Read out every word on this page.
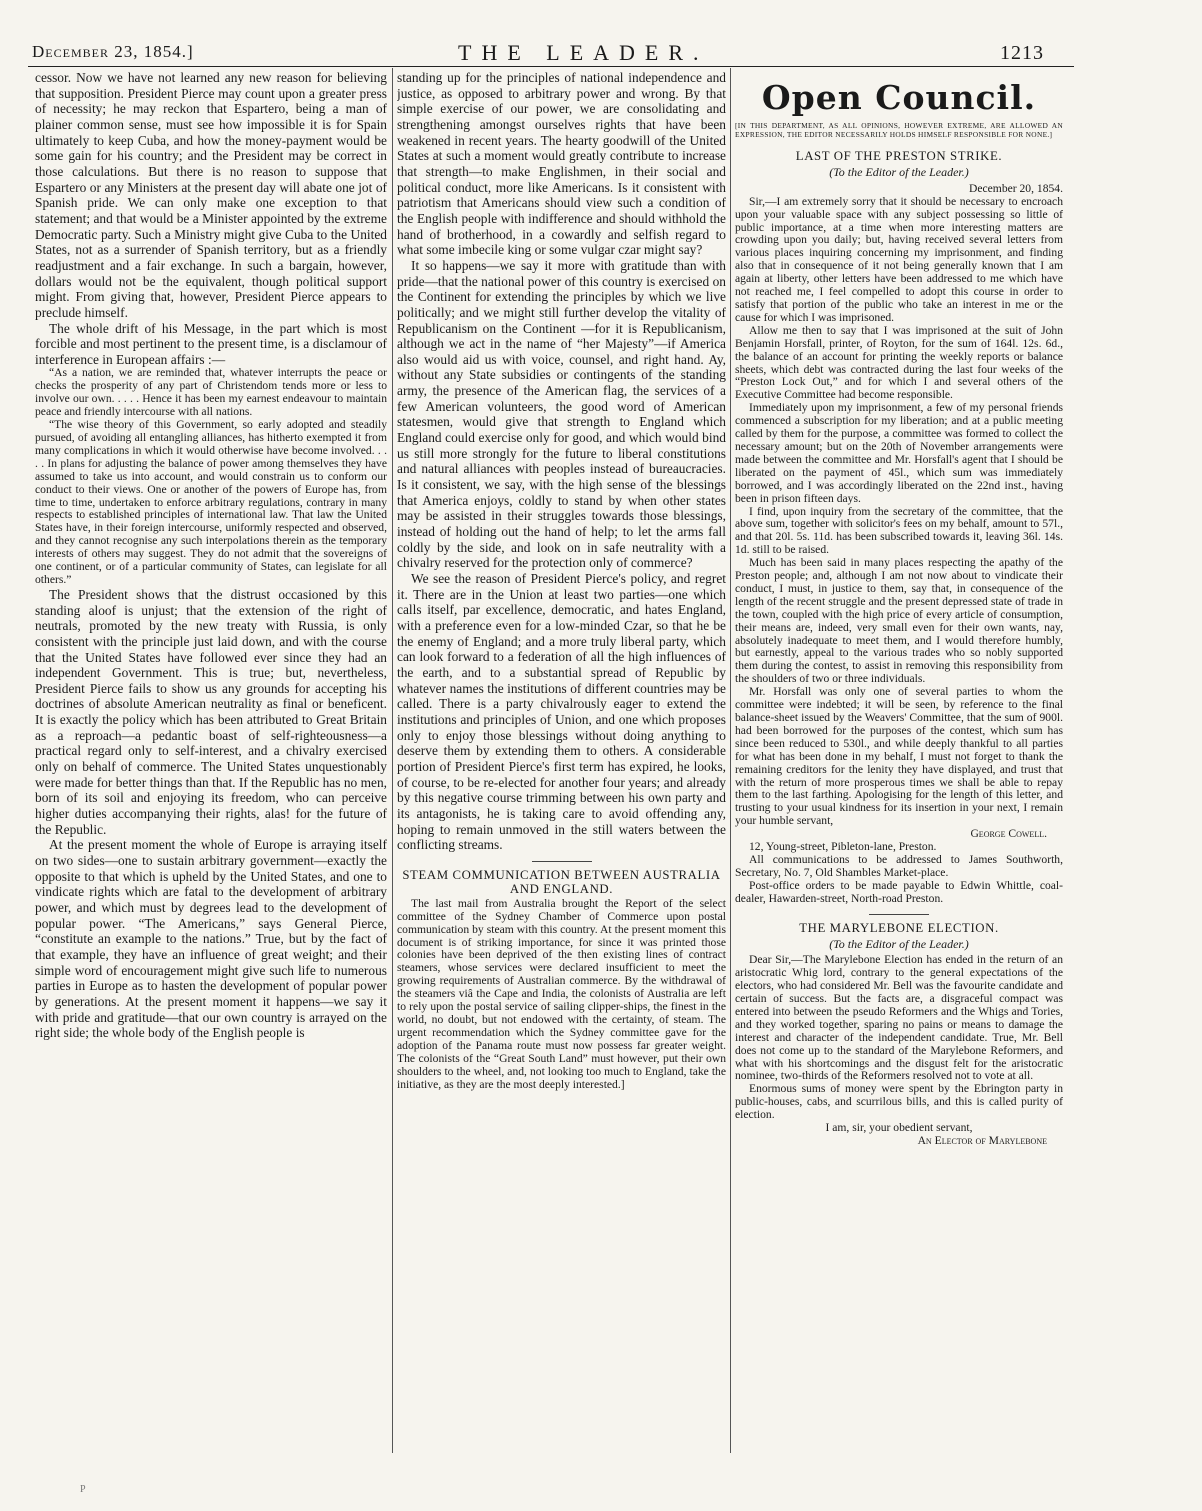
December 23, 1854.]	THE LEADER.	1213

cessor. Now we have not learned any new reason for believing that supposition. President Pierce may count upon a greater press of necessity; he may reckon that Espartero, being a man of plainer common sense, must see how impossible it is for Spain ultimately to keep Cuba, and how the money-payment would be some gain for his country; and the President may be correct in those calculations. But there is no reason to suppose that Espartero or any Ministers at the present day will abate one jot of Spanish pride. We can only make one exception to that statement; and that would be a Minister appointed by the extreme Democratic party. Such a Ministry might give Cuba to the United States, not as a surrender of Spanish territory, but as a friendly readjustment and a fair exchange. In such a bargain, however, dollars would not be the equivalent, though political support might. From giving that, however, President Pierce appears to preclude himself.

The whole drift of his Message, in the part which is most forcible and most pertinent to the present time, is a disclamour of interference in European affairs :—

“As a nation, we are reminded that, whatever interrupts the peace or checks the prosperity of any part of Christendom tends more or less to involve our own. . . . . Hence it has been my earnest endeavour to maintain peace and friendly intercourse with all nations.

“The wise theory of this Government, so early adopted and steadily pursued, of avoiding all entangling alliances, has hitherto exempted it from many complications in which it would otherwise have become involved. . . . . In plans for adjusting the balance of power among themselves they have assumed to take us into account, and would constrain us to conform our conduct to their views. One or another of the powers of Europe has, from time to time, undertaken to enforce arbitrary regulations, contrary in many respects to established principles of international law. That law the United States have, in their foreign intercourse, uniformly respected and observed, and they cannot recognise any such interpolations therein as the temporary interests of others may suggest. They do not admit that the sovereigns of one continent, or of a particular community of States, can legislate for all others.”

The President shows that the distrust occasioned by this standing aloof is unjust; that the extension of the right of neutrals, promoted by the new treaty with Russia, is only consistent with the principle just laid down, and with the course that the United States have followed ever since they had an independent Government. This is true; but, nevertheless, President Pierce fails to show us any grounds for accepting his doctrines of absolute American neutrality as final or beneficent. It is exactly the policy which has been attributed to Great Britain as a reproach—a pedantic boast of self-righteousness—a practical regard only to self-interest, and a chivalry exercised only on behalf of commerce. The United States unquestionably were made for better things than that. If the Republic has no men, born of its soil and enjoying its freedom, who can perceive higher duties accompanying their rights, alas! for the future of the Republic.

At the present moment the whole of Europe is arraying itself on two sides—one to sustain arbitrary government—exactly the opposite to that which is upheld by the United States, and one to vindicate rights which are fatal to the development of arbitrary power, and which must by degrees lead to the development of popular power. “The Americans,” says General Pierce, “constitute an example to the nations.” True, but by the fact of that example, they have an influence of great weight; and their simple word of encouragement might give such life to numerous parties in Europe as to hasten the development of popular power by generations. At the present moment it happens—we say it with pride and gratitude—that our own country is arrayed on the right side; the whole body of the English people is

standing up for the principles of national independence and justice, as opposed to arbitrary power and wrong. By that simple exercise of our power, we are consolidating and strengthening amongst ourselves rights that have been weakened in recent years. The hearty goodwill of the United States at such a moment would greatly contribute to increase that strength—to make Englishmen, in their social and political conduct, more like Americans. Is it consistent with patriotism that Americans should view such a condition of the English people with indifference and should withhold the hand of brotherhood, in a cowardly and selfish regard to what some imbecile king or some vulgar czar might say?

It so happens—we say it more with gratitude than with pride—that the national power of this country is exercised on the Continent for extending the principles by which we live politically; and we might still further develop the vitality of Republicanism on the Continent —for it is Republicanism, although we act in the name of “her Majesty”—if America also would aid us with voice, counsel, and right hand. Ay, without any State subsidies or contingents of the standing army, the presence of the American flag, the services of a few American volunteers, the good word of American statesmen, would give that strength to England which England could exercise only for good, and which would bind us still more strongly for the future to liberal constitutions and natural alliances with peoples instead of bureaucracies. Is it consistent, we say, with the high sense of the blessings that America enjoys, coldly to stand by when other states may be assisted in their struggles towards those blessings, instead of holding out the hand of help; to let the arms fall coldly by the side, and look on in safe neutrality with a chivalry reserved for the protection only of commerce?

We see the reason of President Pierce's policy, and regret it. There are in the Union at least two parties—one which calls itself, par excellence, democratic, and hates England, with a preference even for a low-minded Czar, so that he be the enemy of England; and a more truly liberal party, which can look forward to a federation of all the high influences of the earth, and to a substantial spread of Republic by whatever names the institutions of different countries may be called. There is a party chivalrously eager to extend the institutions and principles of Union, and one which proposes only to enjoy those blessings without doing anything to deserve them by extending them to others. A considerable portion of President Pierce's first term has expired, he looks, of course, to be re-elected for another four years; and already by this negative course trimming between his own party and its antagonists, he is taking care to avoid offending any, hoping to remain unmoved in the still waters between the conflicting streams.

STEAM COMMUNICATION BETWEEN AUSTRALIA AND ENGLAND.

The last mail from Australia brought the Report of the select committee of the Sydney Chamber of Commerce upon postal communication by steam with this country. At the present moment this document is of striking importance, for since it was printed those colonies have been deprived of the then existing lines of contract steamers, whose services were declared insufficient to meet the growing requirements of Australian commerce. By the withdrawal of the steamers viâ the Cape and India, the colonists of Australia are left to rely upon the postal service of sailing clipper-ships, the finest in the world, no doubt, but not endowed with the certainty, of steam. The urgent recommendation which the Sydney committee gave for the adoption of the Panama route must now possess far greater weight. The colonists of the “Great South Land” must however, put their own shoulders to the wheel, and, not looking too much to England, take the initiative, as they are the most deeply interested.]

Open Council.
[IN THIS DEPARTMENT, AS ALL OPINIONS, HOWEVER EXTREME, ARE ALLOWED AN EXPRESSION, THE EDITOR NECESSARILY HOLDS HIMSELF RESPONSIBLE FOR NONE.]
LAST OF THE PRESTON STRIKE.
(To the Editor of the Leader.)
December 20, 1854.

Sir,—I am extremely sorry that it should be necessary to encroach upon your valuable space with any subject possessing so little of public importance, at a time when more interesting matters are crowding upon you daily; but, having received several letters from various places inquiring concerning my imprisonment, and finding also that in consequence of it not being generally known that I am again at liberty, other letters have been addressed to me which have not reached me, I feel compelled to adopt this course in order to satisfy that portion of the public who take an interest in me or the cause for which I was imprisoned.

Allow me then to say that I was imprisoned at the suit of John Benjamin Horsfall, printer, of Royton, for the sum of 164l. 12s. 6d., the balance of an account for printing the weekly reports or balance sheets, which debt was contracted during the last four weeks of the “Preston Lock Out,” and for which I and several others of the Executive Committee had become responsible.

Immediately upon my imprisonment, a few of my personal friends commenced a subscription for my liberation; and at a public meeting called by them for the purpose, a committee was formed to collect the necessary amount; but on the 20th of November arrangements were made between the committee and Mr. Horsfall's agent that I should be liberated on the payment of 45l., which sum was immediately borrowed, and I was accordingly liberated on the 22nd inst., having been in prison fifteen days.

I find, upon inquiry from the secretary of the committee, that the above sum, together with solicitor's fees on my behalf, amount to 57l., and that 20l. 5s. 11d. has been subscribed towards it, leaving 36l. 14s. 1d. still to be raised.

Much has been said in many places respecting the apathy of the Preston people; and, although I am not now about to vindicate their conduct, I must, in justice to them, say that, in consequence of the length of the recent struggle and the present depressed state of trade in the town, coupled with the high price of every article of consumption, their means are, indeed, very small even for their own wants, nay, absolutely inadequate to meet them, and I would therefore humbly, but earnestly, appeal to the various trades who so nobly supported them during the contest, to assist in removing this responsibility from the shoulders of two or three individuals.

Mr. Horsfall was only one of several parties to whom the committee were indebted; it will be seen, by reference to the final balance-sheet issued by the Weavers' Committee, that the sum of 900l. had been borrowed for the purposes of the contest, which sum has since been reduced to 530l., and while deeply thankful to all parties for what has been done in my behalf, I must not forget to thank the remaining creditors for the lenity they have displayed, and trust that with the return of more prosperous times we shall be able to repay them to the last farthing. Apologising for the length of this letter, and trusting to your usual kindness for its insertion in your next, I remain your humble servant,

George Cowell.

12, Young-street, Pibleton-lane, Preston.

All communications to be addressed to James Southworth, Secretary, No. 7, Old Shambles Market-place.

Post-office orders to be made payable to Edwin Whittle, coal-dealer, Hawarden-street, North-road Preston.

THE MARYLEBONE ELECTION.
(To the Editor of the Leader.)

Dear Sir,—The Marylebone Election has ended in the return of an aristocratic Whig lord, contrary to the general expectations of the electors, who had considered Mr. Bell was the favourite candidate and certain of success. But the facts are, a disgraceful compact was entered into between the pseudo Reformers and the Whigs and Tories, and they worked together, sparing no pains or means to damage the interest and character of the independent candidate. True, Mr. Bell does not come up to the standard of the Marylebone Reformers, and what with his shortcomings and the disgust felt for the aristocratic nominee, two-thirds of the Reformers resolved not to vote at all.

Enormous sums of money were spent by the Ebrington party in public-houses, cabs, and scurrilous bills, and this is called purity of election.

I am, sir, your obedient servant,

An Elector of Marylebone
P
